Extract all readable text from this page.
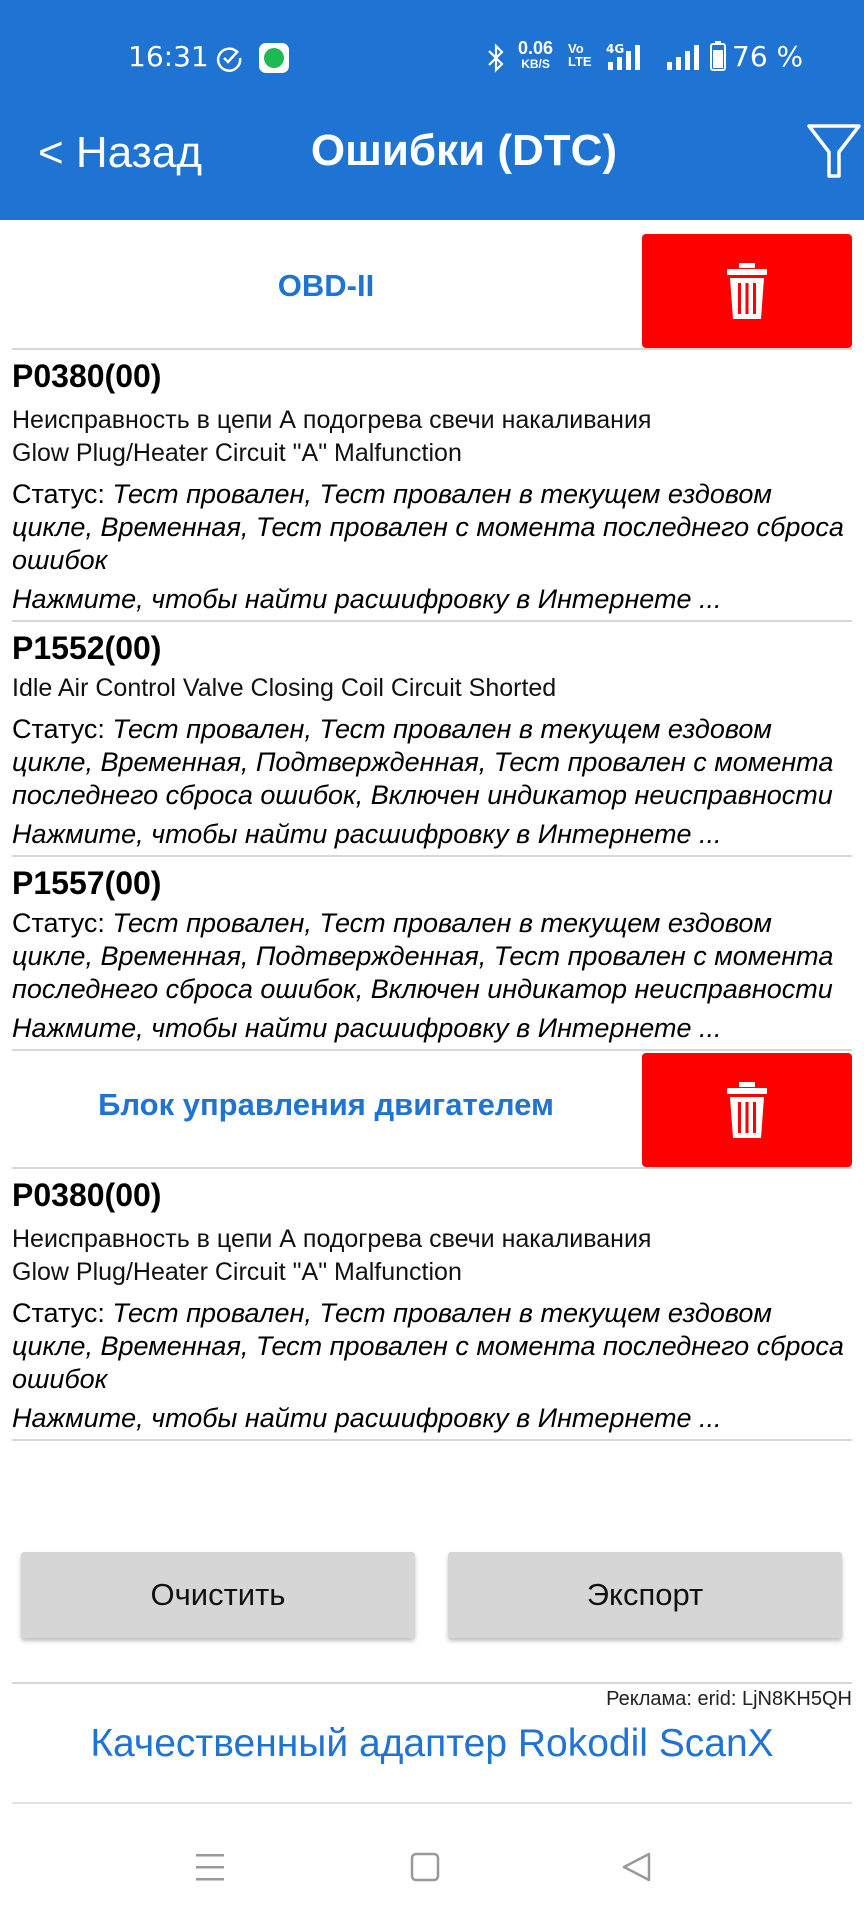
16:31	0.06
KB/S
Vo
LTE
4G	76 %
< Назад	Ошибки (DTC)
OBD-II
P0380(00)
Неисправность в цепи А подогрева свечи накаливания
Glow Plug/Heater Circuit "A" Malfunction
Статус: Тест провален, Тест провален в текущем ездовом цикле, Временная, Тест провален с момента последнего сброса ошибок
Нажмите, чтобы найти расшифровку в Интернете ...
P1552(00)
Idle Air Control Valve Closing Coil Circuit Shorted
Статус: Тест провален, Тест провален в текущем ездовом цикле, Временная, Подтвержденная, Тест провален с момента последнего сброса ошибок, Включен индикатор неисправности
Нажмите, чтобы найти расшифровку в Интернете ...
P1557(00)
Статус: Тест провален, Тест провален в текущем ездовом цикле, Временная, Подтвержденная, Тест провален с момента последнего сброса ошибок, Включен индикатор неисправности
Нажмите, чтобы найти расшифровку в Интернете ...
Блок управления двигателем
P0380(00)
Неисправность в цепи А подогрева свечи накаливания
Glow Plug/Heater Circuit "A" Malfunction
Статус: Тест провален, Тест провален в текущем ездовом цикле, Временная, Тест провален с момента последнего сброса ошибок
Нажмите, чтобы найти расшифровку в Интернете ...
Очистить	Экспорт
Реклама: erid: LjN8KH5QH
Качественный адаптер Rokodil ScanX
